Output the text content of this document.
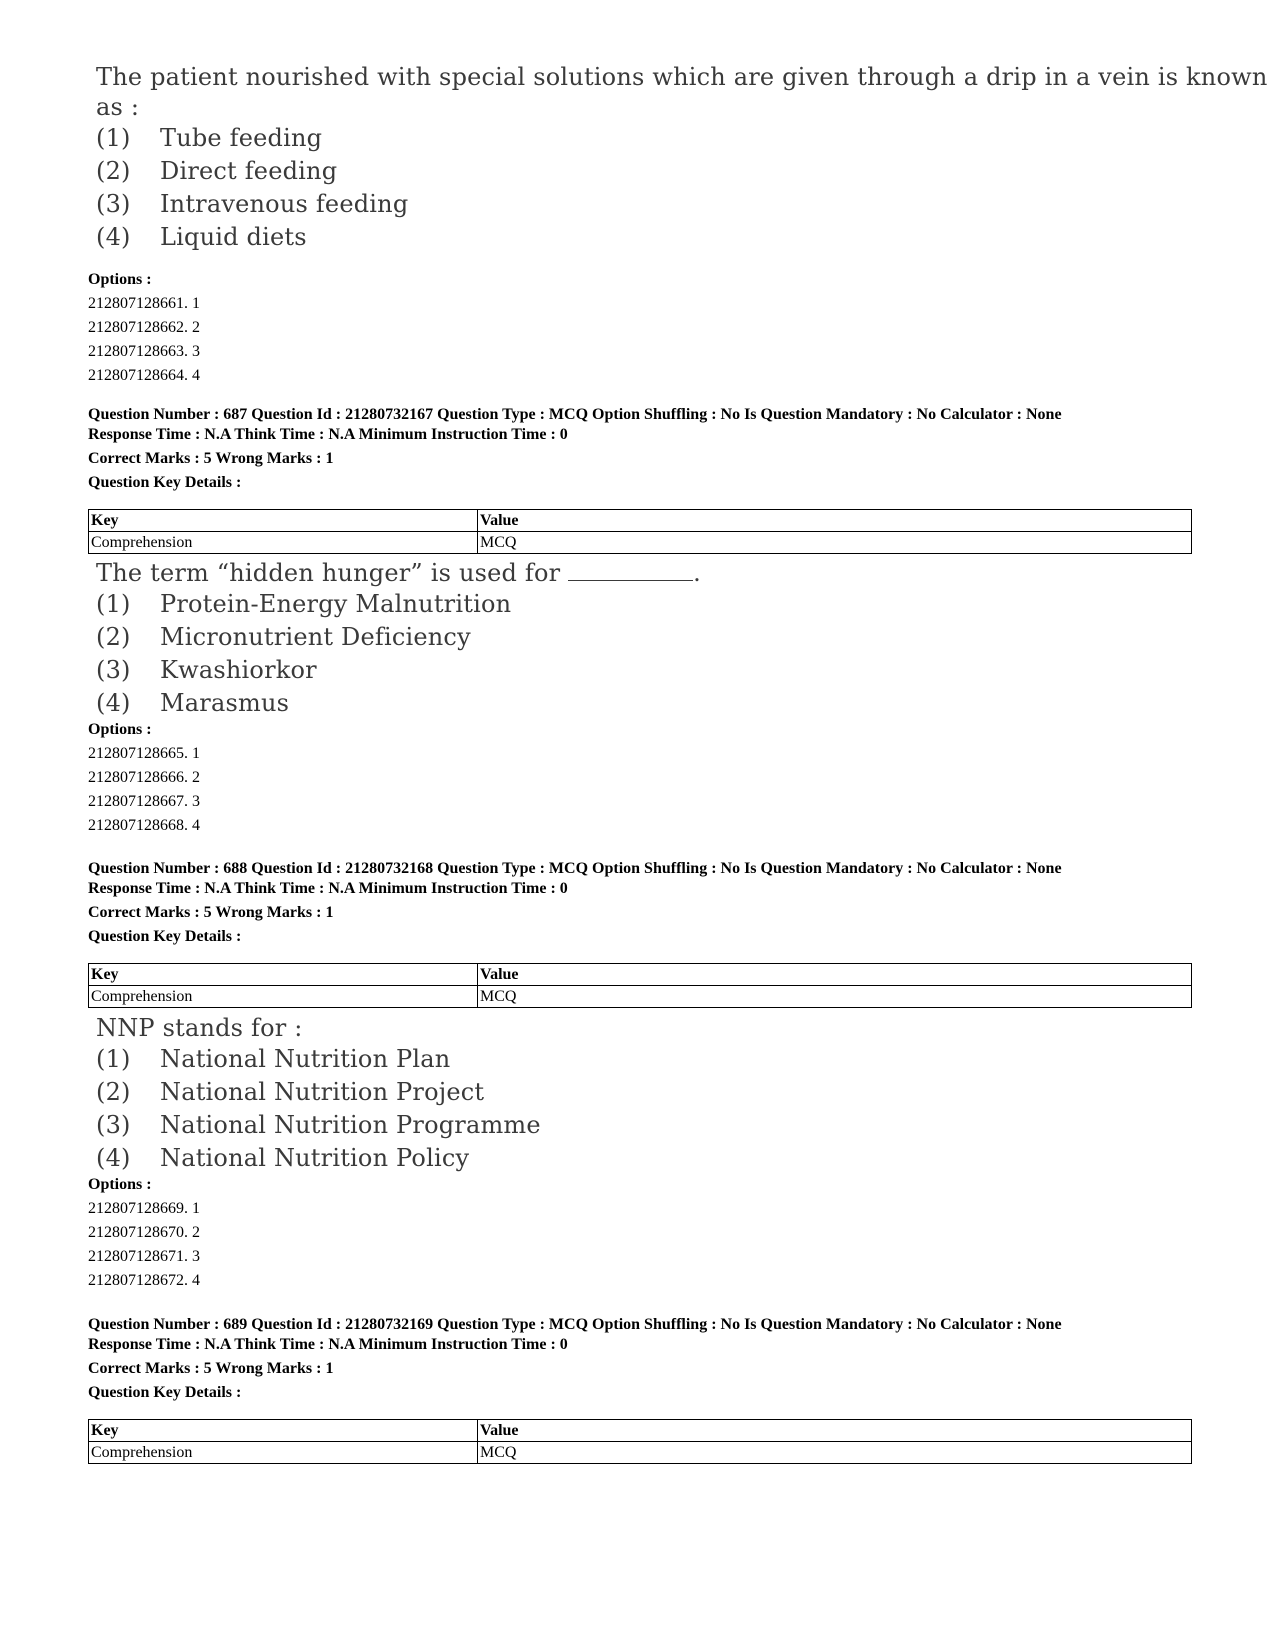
The patient nourished with special solutions which are given through a drip in a vein is known
as :
(1)	Tube feeding
(2)	Direct feeding
(3)	Intravenous feeding
(4)	Liquid diets
Options :
212807128661. 1
212807128662. 2
212807128663. 3
212807128664. 4
Question Number : 687 Question Id : 21280732167 Question Type : MCQ Option Shuffling : No Is Question Mandatory : No Calculator : None
Response Time : N.A Think Time : N.A Minimum Instruction Time : 0
Correct Marks : 5 Wrong Marks : 1
Question Key Details :
Key	Value
Comprehension	MCQ
The term “hidden hunger” is used for	.
(1)	Protein-Energy Malnutrition
(2)	Micronutrient Deficiency
(3)	Kwashiorkor
(4)	Marasmus
Options :
212807128665. 1
212807128666. 2
212807128667. 3
212807128668. 4
Question Number : 688 Question Id : 21280732168 Question Type : MCQ Option Shuffling : No Is Question Mandatory : No Calculator : None
Response Time : N.A Think Time : N.A Minimum Instruction Time : 0
Correct Marks : 5 Wrong Marks : 1
Question Key Details :
Key	Value
Comprehension	MCQ
NNP stands for :
(1)	National Nutrition Plan
(2)	National Nutrition Project
(3)	National Nutrition Programme
(4)	National Nutrition Policy
Options :
212807128669. 1
212807128670. 2
212807128671. 3
212807128672. 4
Question Number : 689 Question Id : 21280732169 Question Type : MCQ Option Shuffling : No Is Question Mandatory : No Calculator : None
Response Time : N.A Think Time : N.A Minimum Instruction Time : 0
Correct Marks : 5 Wrong Marks : 1
Question Key Details :
Key	Value
Comprehension	MCQ
